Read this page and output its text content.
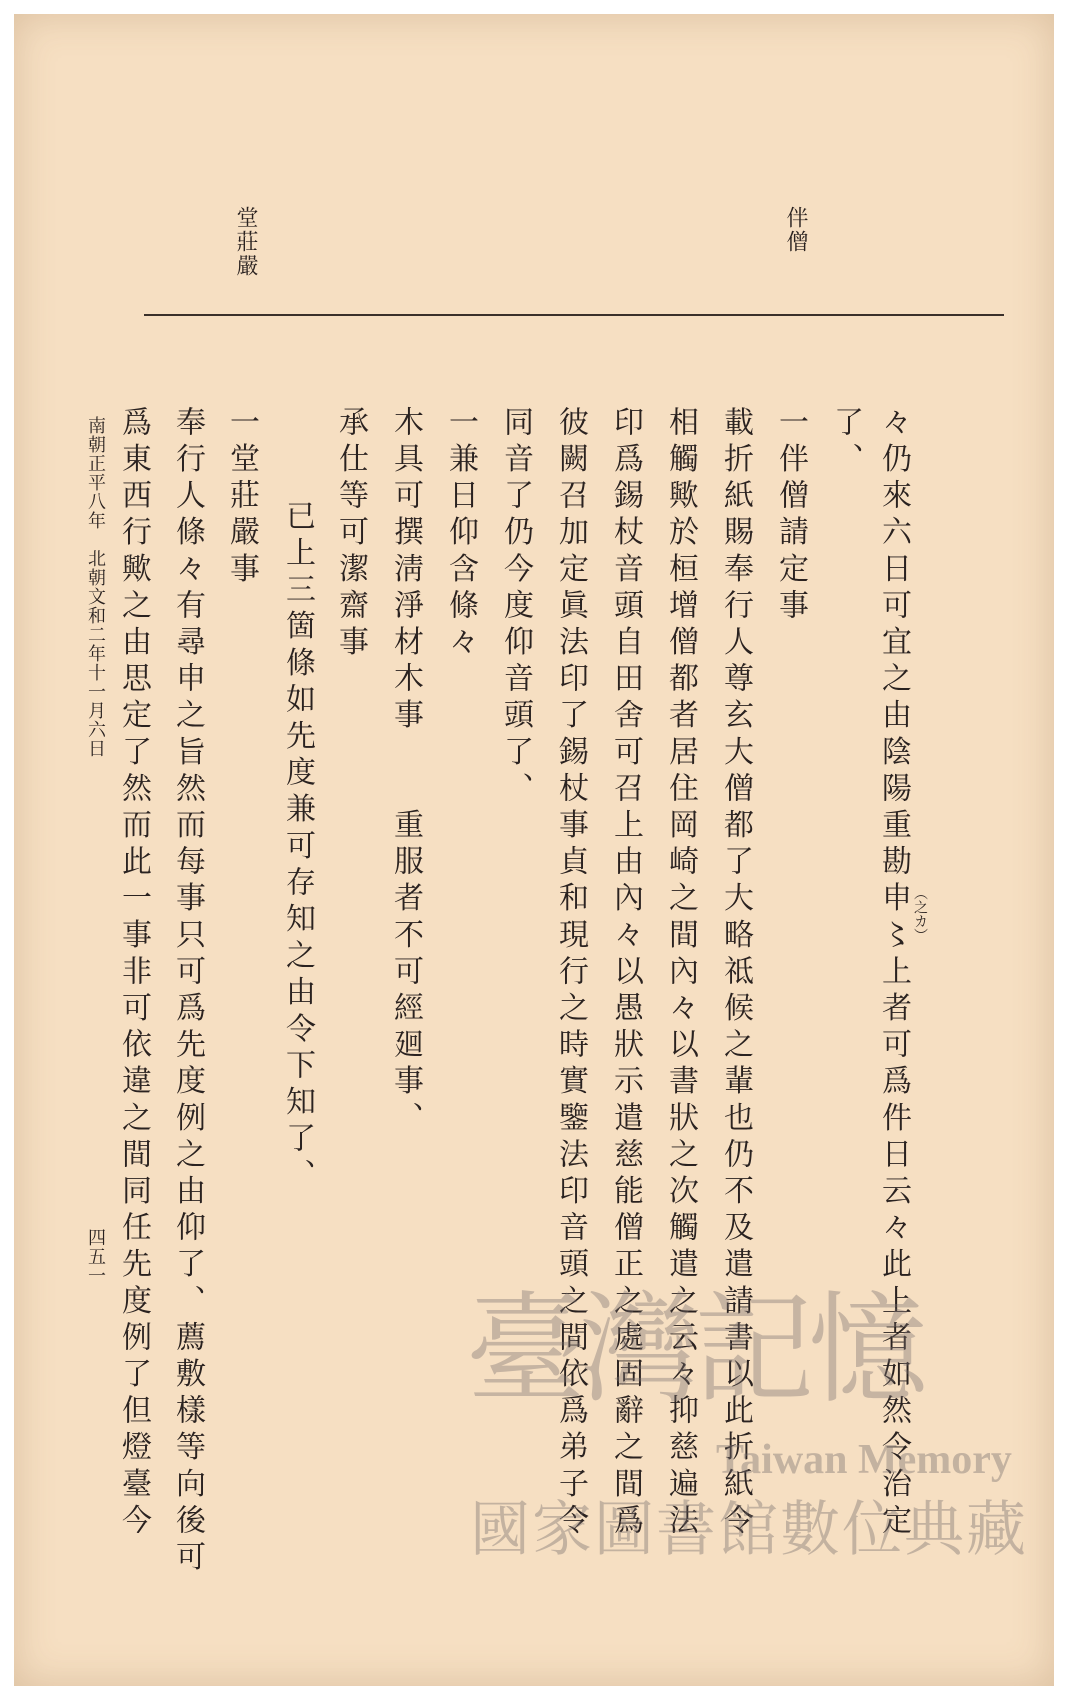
伴僧
堂莊嚴
々仍來六日可宜之由陰陽重勘申〻上者可爲件日云々此上者如然令治定 （之カ）
了、
一伴僧請定事
載折紙賜奉行人尊玄大僧都了大略祗候之輩也仍不及遣請書以此折紙令
相觸歟於桓增僧都者居住岡崎之間內々以書狀之次觸遣之云々抑慈遍法
印爲錫杖音頭自田舍可召上由內々以愚狀示遣慈能僧正之處固辭之間爲
彼闕召加定眞法印了錫杖事貞和現行之時實鑒法印音頭之間依爲弟子令
同音了仍今度仰音頭了、
一兼日仰含條々
木具可撰淸淨材木事　　重服者不可經廻事、
承仕等可潔齋事
已上三箇條如先度兼可存知之由令下知了、
一堂莊嚴事
奉行人條々有尋申之旨然而每事只可爲先度例之由仰了、薦敷樣等向後可
爲東西行歟之由思定了然而此一事非可依違之間同任先度例了但燈臺今
南朝正平八年　北朝文和二年十一月六日
四五一
臺灣記憶
Taiwan Memory
國家圖書館數位典藏
